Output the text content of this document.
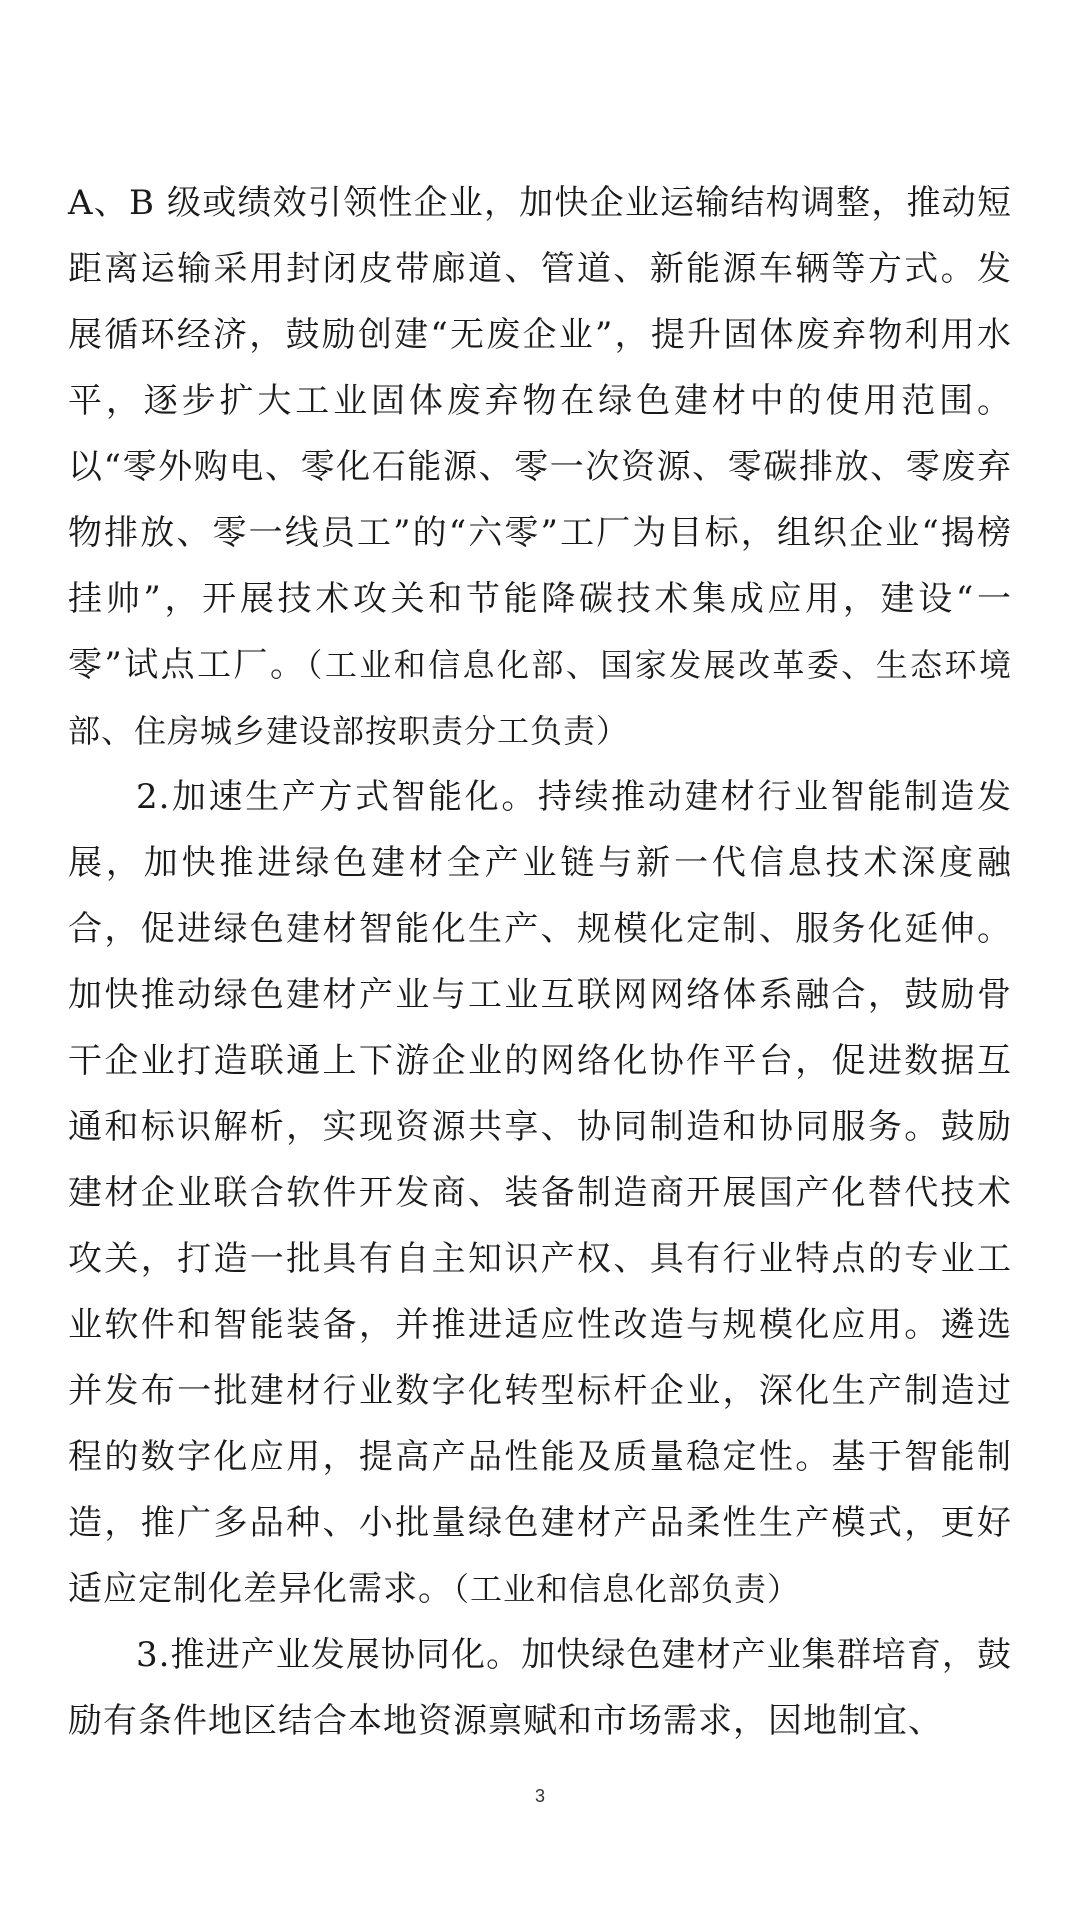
A、B 级或绩效引领性企业，加快企业运输结构调整，推动短距离运输采用封闭皮带廊道、管道、新能源车辆等方式。发展循环经济，鼓励创建“无废企业”，提升固体废弃物利用水平，逐步扩大工业固体废弃物在绿色建材中的使用范围。以“零外购电、零化石能源、零一次资源、零碳排放、零废弃物排放、零一线员工”的“六零”工厂为目标，组织企业“揭榜挂帅”，开展技术攻关和节能降碳技术集成应用，建设“一零”试点工厂。（工业和信息化部、国家发展改革委、生态环境部、住房城乡建设部按职责分工负责）

2.加速生产方式智能化。持续推动建材行业智能制造发展，加快推进绿色建材全产业链与新一代信息技术深度融合，促进绿色建材智能化生产、规模化定制、服务化延伸。加快推动绿色建材产业与工业互联网网络体系融合，鼓励骨干企业打造联通上下游企业的网络化协作平台，促进数据互通和标识解析，实现资源共享、协同制造和协同服务。鼓励建材企业联合软件开发商、装备制造商开展国产化替代技术攻关，打造一批具有自主知识产权、具有行业特点的专业工业软件和智能装备，并推进适应性改造与规模化应用。遴选并发布一批建材行业数字化转型标杆企业，深化生产制造过程的数字化应用，提高产品性能及质量稳定性。基于智能制造，推广多品种、小批量绿色建材产品柔性生产模式，更好适应定制化差异化需求。（工业和信息化部负责）

3.推进产业发展协同化。加快绿色建材产业集群培育，鼓励有条件地区结合本地资源禀赋和市场需求，因地制宜、

3
